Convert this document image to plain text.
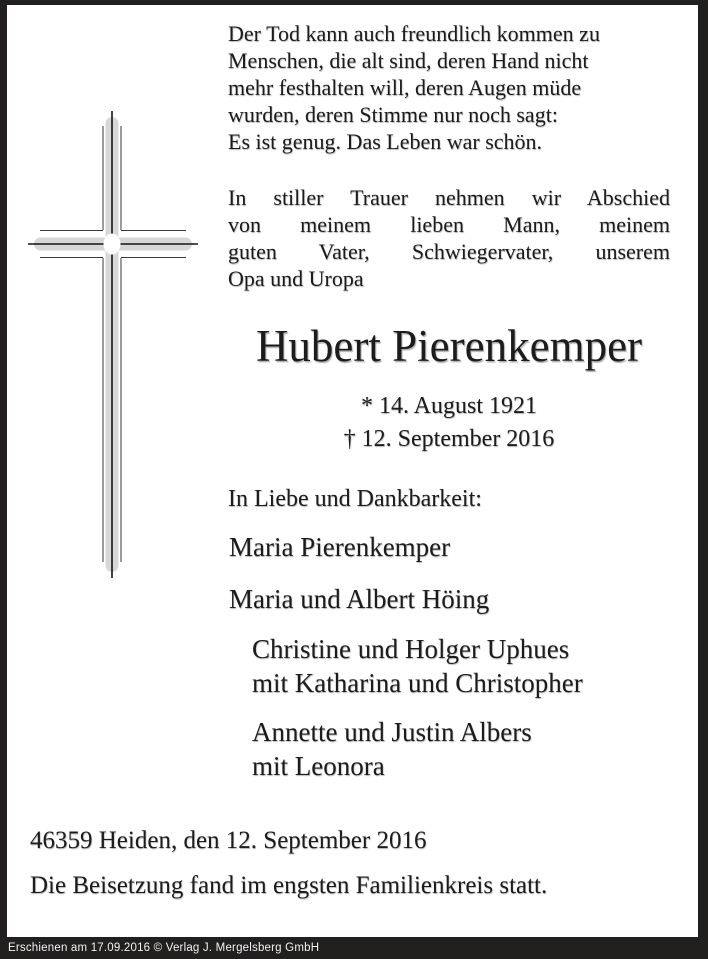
Der Tod kann auch freundlich kommen zu
Menschen, die alt sind, deren Hand nicht
mehr festhalten will, deren Augen müde
wurden, deren Stimme nur noch sagt:
Es ist genug. Das Leben war schön.
In stiller Trauer nehmen wir Abschied
von meinem lieben Mann, meinem
guten Vater, Schwiegervater, unserem
Opa und Uropa
Hubert Pierenkemper
* 14. August 1921
† 12. September 2016
In Liebe und Dankbarkeit:
Maria Pierenkemper
Maria und Albert Höing
Christine und Holger Uphues
mit Katharina und Christopher
Annette und Justin Albers
mit Leonora
46359 Heiden, den 12. September 2016
Die Beisetzung fand im engsten Familienkreis statt.
Erschienen am 17.09.2016 © Verlag J. Mergelsberg GmbH
